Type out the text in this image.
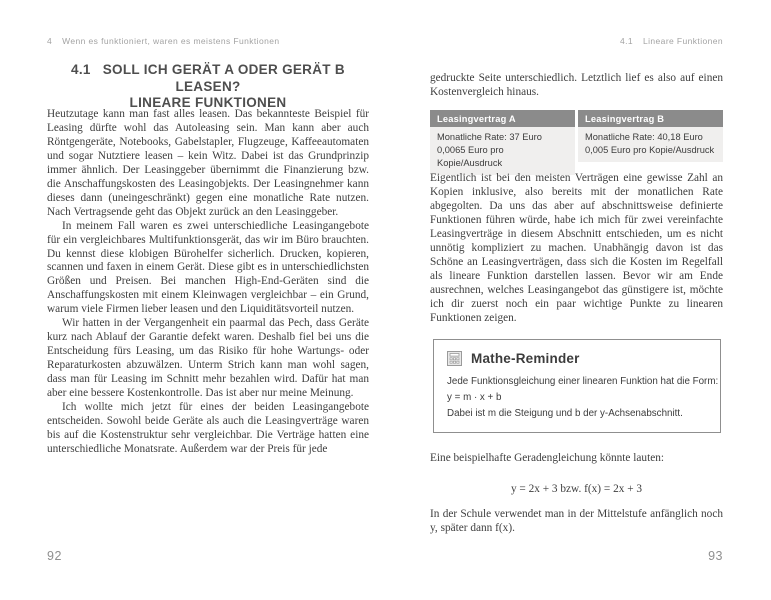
4 Wenn es funktioniert, waren es meistens Funktionen
4.1 SOLL ICH GERÄT A ODER GERÄT B LEASEN?
LINEARE FUNKTIONEN

Heutzutage kann man fast alles leasen. Das bekannteste Beispiel für Leasing dürfte wohl das Autoleasing sein. Man kann aber auch Röntgengeräte, Notebooks, Gabelstapler, Flugzeuge, Kaffeeautomaten und sogar Nutztiere leasen – kein Witz. Dabei ist das Grundprinzip immer ähnlich. Der Leasinggeber übernimmt die Finanzierung bzw. die Anschaffungskosten des Leasingobjekts. Der Leasingnehmer kann dieses dann (uneingeschränkt) gegen eine monatliche Rate nutzen. Nach Vertragsende geht das Objekt zurück an den Leasinggeber.

In meinem Fall waren es zwei unterschiedliche Leasingangebote für ein vergleichbares Multifunktionsgerät, das wir im Büro brauchten. Du kennst diese klobigen Bürohelfer sicherlich. Drucken, kopieren, scannen und faxen in einem Gerät. Diese gibt es in unterschiedlichsten Größen und Preisen. Bei manchen High-End-Geräten sind die Anschaffungskosten mit einem Kleinwagen vergleichbar – ein Grund, warum viele Firmen lieber leasen und den Liquiditätsvorteil nutzen.

Wir hatten in der Vergangenheit ein paarmal das Pech, dass Geräte kurz nach Ablauf der Garantie defekt waren. Deshalb fiel bei uns die Entscheidung fürs Leasing, um das Risiko für hohe Wartungs- oder Reparaturkosten abzuwälzen. Unterm Strich kann man wohl sagen, dass man für Leasing im Schnitt mehr bezahlen wird. Dafür hat man aber eine bessere Kostenkontrolle. Das ist aber nur meine Meinung.

Ich wollte mich jetzt für eines der beiden Leasingangebote entscheiden. Sowohl beide Geräte als auch die Leasingverträge waren bis auf die Kostenstruktur sehr vergleichbar. Die Verträge hatten eine unterschiedliche Monatsrate. Außerdem war der Preis für jede

92
4.1 Lineare Funktionen

gedruckte Seite unterschiedlich. Letztlich lief es also auf einen Kostenvergleich hinaus.

Leasingvertrag A
Monatliche Rate: 37 Euro
0,0065 Euro pro Kopie/Ausdruck
Leasingvertrag B
Monatliche Rate: 40,18 Euro
0,005 Euro pro Kopie/Ausdruck

Eigentlich ist bei den meisten Verträgen eine gewisse Zahl an Kopien inklusive, also bereits mit der monatlichen Rate abgegolten. Da uns das aber auf abschnittsweise definierte Funktionen führen würde, habe ich mich für zwei vereinfachte Leasingverträge in diesem Abschnitt entschieden, um es nicht unnötig kompliziert zu machen. Unabhängig davon ist das Schöne an Leasingverträgen, dass sich die Kosten im Regelfall als lineare Funktion darstellen lassen. Bevor wir am Ende ausrechnen, welches Leasingangebot das günstigere ist, möchte ich dir zuerst noch ein paar wichtige Punkte zu linearen Funktionen zeigen.

Mathe-Reminder
Jede Funktionsgleichung einer linearen Funktion hat die Form:
y = m · x + b
Dabei ist m die Steigung und b der y-Achsenabschnitt.

Eine beispielhafte Geradengleichung könnte lauten:

y = 2x + 3 bzw. f(x) = 2x + 3

In der Schule verwendet man in der Mittelstufe anfänglich noch y, später dann f(x).

93
